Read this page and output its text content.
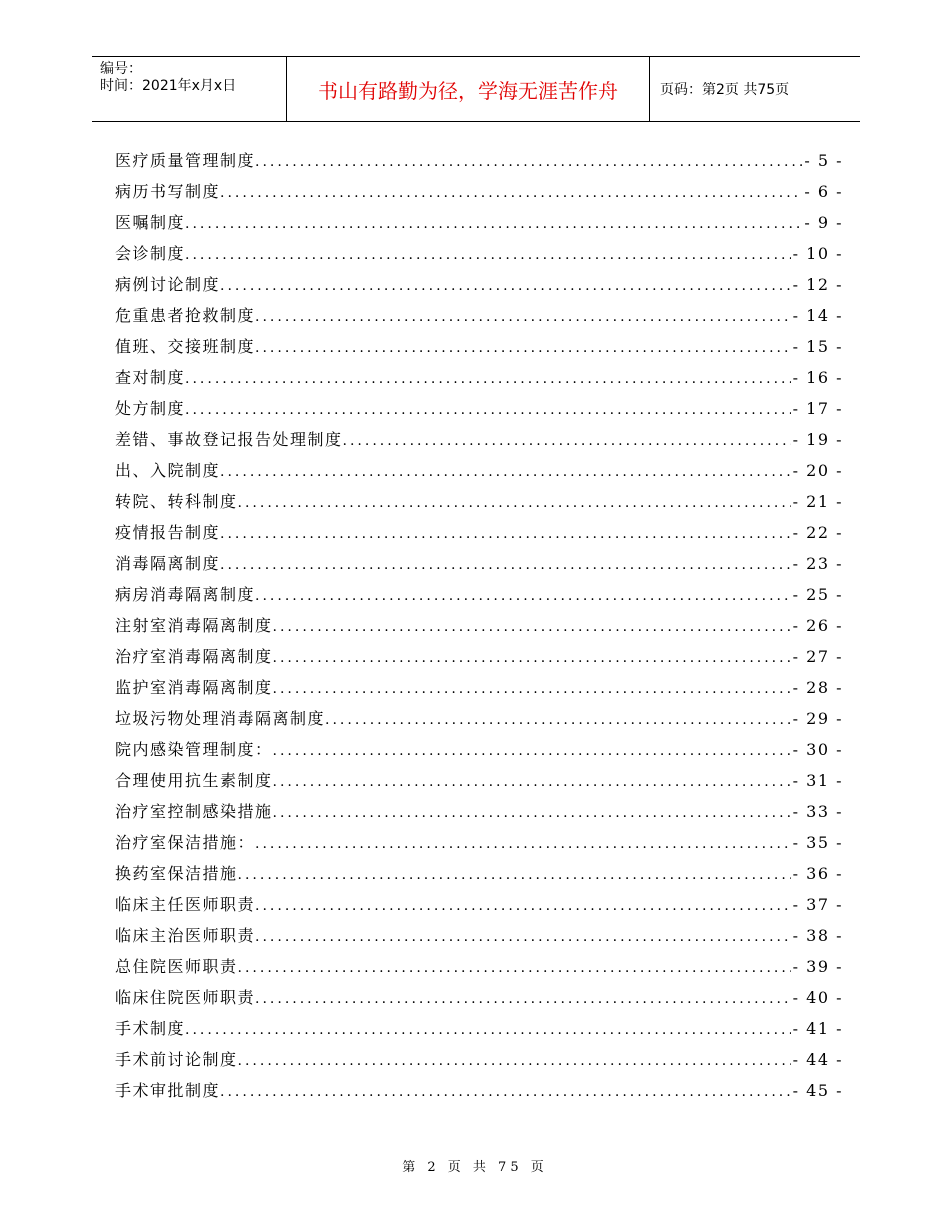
编号：
时间：2021年x月x日	书山有路勤为径，学海无涯苦作舟	页码：第2页 共75页
医疗质量管理制度 .....	- 5 -
病历书写制度 .....	- 6 -
医嘱制度 .....	- 9 -
会诊制度 .....	- 10 -
病例讨论制度 .....	- 12 -
危重患者抢救制度 .....	- 14 -
值班、交接班制度 .....	- 15 -
查对制度 .....	- 16 -
处方制度 .....	- 17 -
差错、事故登记报告处理制度 .....	- 19 -
出、入院制度 .....	- 20 -
转院、转科制度 .....	- 21 -
疫情报告制度 .....	- 22 -
消毒隔离制度 .....	- 23 -
病房消毒隔离制度 .....	- 25 -
注射室消毒隔离制度 .....	- 26 -
治疗室消毒隔离制度 .....	- 27 -
监护室消毒隔离制度 .....	- 28 -
垃圾污物处理消毒隔离制度 .....	- 29 -
院内感染管理制度： .....	- 30 -
合理使用抗生素制度 .....	- 31 -
治疗室控制感染措施 .....	- 33 -
治疗室保洁措施： .....	- 35 -
换药室保洁措施 .....	- 36 -
临床主任医师职责 .....	- 37 -
临床主治医师职责 .....	- 38 -
总住院医师职责 .....	- 39 -
临床住院医师职责 .....	- 40 -
手术制度 .....	- 41 -
手术前讨论制度 .....	- 44 -
手术审批制度 .....	- 45 -
第 2 页 共 75 页
